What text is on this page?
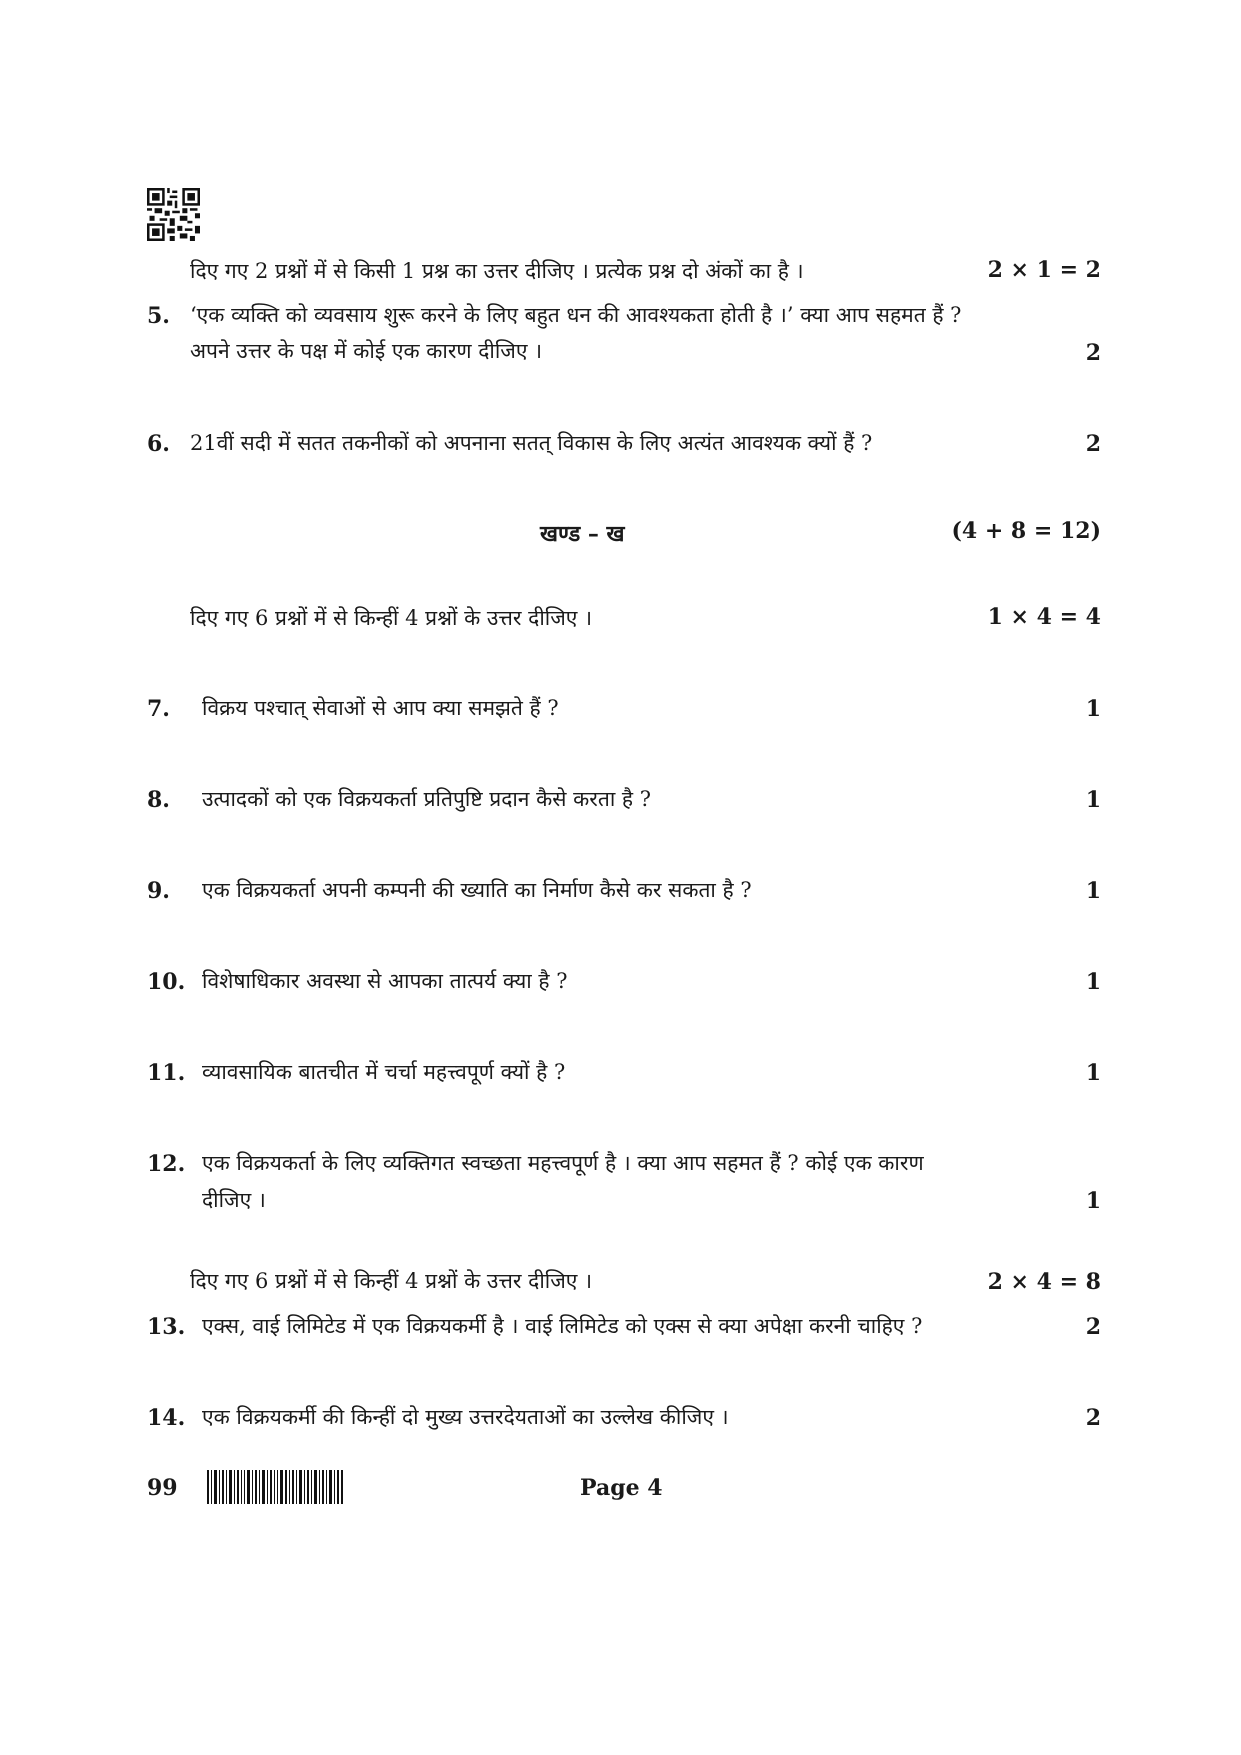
दिए गए 2 प्रश्नों में से किसी 1 प्रश्न का उत्तर दीजिए । प्रत्येक प्रश्न दो अंकों का है ।	2 × 1 = 2
5. ‘एक व्यक्ति को व्यवसाय शुरू करने के लिए बहुत धन की आवश्यकता होती है ।’ क्या आप सहमत हैं ?
अपने उत्तर के पक्ष में कोई एक कारण दीजिए ।	2
6. 21वीं सदी में सतत तकनीकों को अपनाना सतत् विकास के लिए अत्यंत आवश्यक क्यों हैं ?	2
खण्ड – ख	(4 + 8 = 12)
दिए गए 6 प्रश्नों में से किन्हीं 4 प्रश्नों के उत्तर दीजिए ।	1 × 4 = 4
7. विक्रय पश्चात् सेवाओं से आप क्या समझते हैं ?	1
8. उत्पादकों को एक विक्रयकर्ता प्रतिपुष्टि प्रदान कैसे करता है ?	1
9. एक विक्रयकर्ता अपनी कम्पनी की ख्याति का निर्माण कैसे कर सकता है ?	1
10. विशेषाधिकार अवस्था से आपका तात्पर्य क्या है ?	1
11. व्यावसायिक बातचीत में चर्चा महत्त्वपूर्ण क्यों है ?	1
12. एक विक्रयकर्ता के लिए व्यक्तिगत स्वच्छता महत्त्वपूर्ण है । क्या आप सहमत हैं ? कोई एक कारण
दीजिए ।	1
दिए गए 6 प्रश्नों में से किन्हीं 4 प्रश्नों के उत्तर दीजिए ।	2 × 4 = 8
13. एक्स, वाई लिमिटेड में एक विक्रयकर्मी है । वाई लिमिटेड को एक्स से क्या अपेक्षा करनी चाहिए ?	2
14. एक विक्रयकर्मी की किन्हीं दो मुख्य उत्तरदेयताओं का उल्लेख कीजिए ।	2
99	Page 4
